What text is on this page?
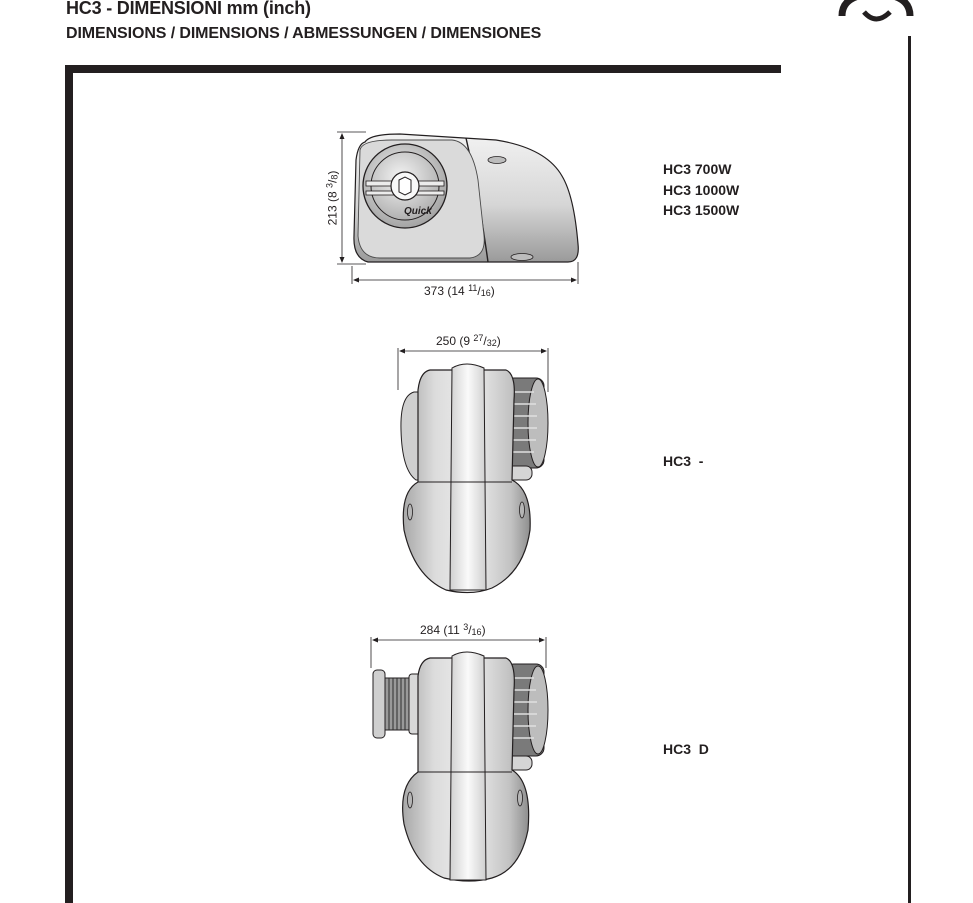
HC3 - DIMENSIONI mm (inch)
DIMENSIONS / DIMENSIONS / ABMESSUNGEN / DIMENSIONES
Quick
213 (8 $^3/_8$)
373 (14 $^{11}/_{16}$)
250 (9 $^{27}/_{32}$)
284 (11 $^3/_{16}$)
HC3 700W
HC3 1000W
HC3 1500W
HC3  -
HC3  D
